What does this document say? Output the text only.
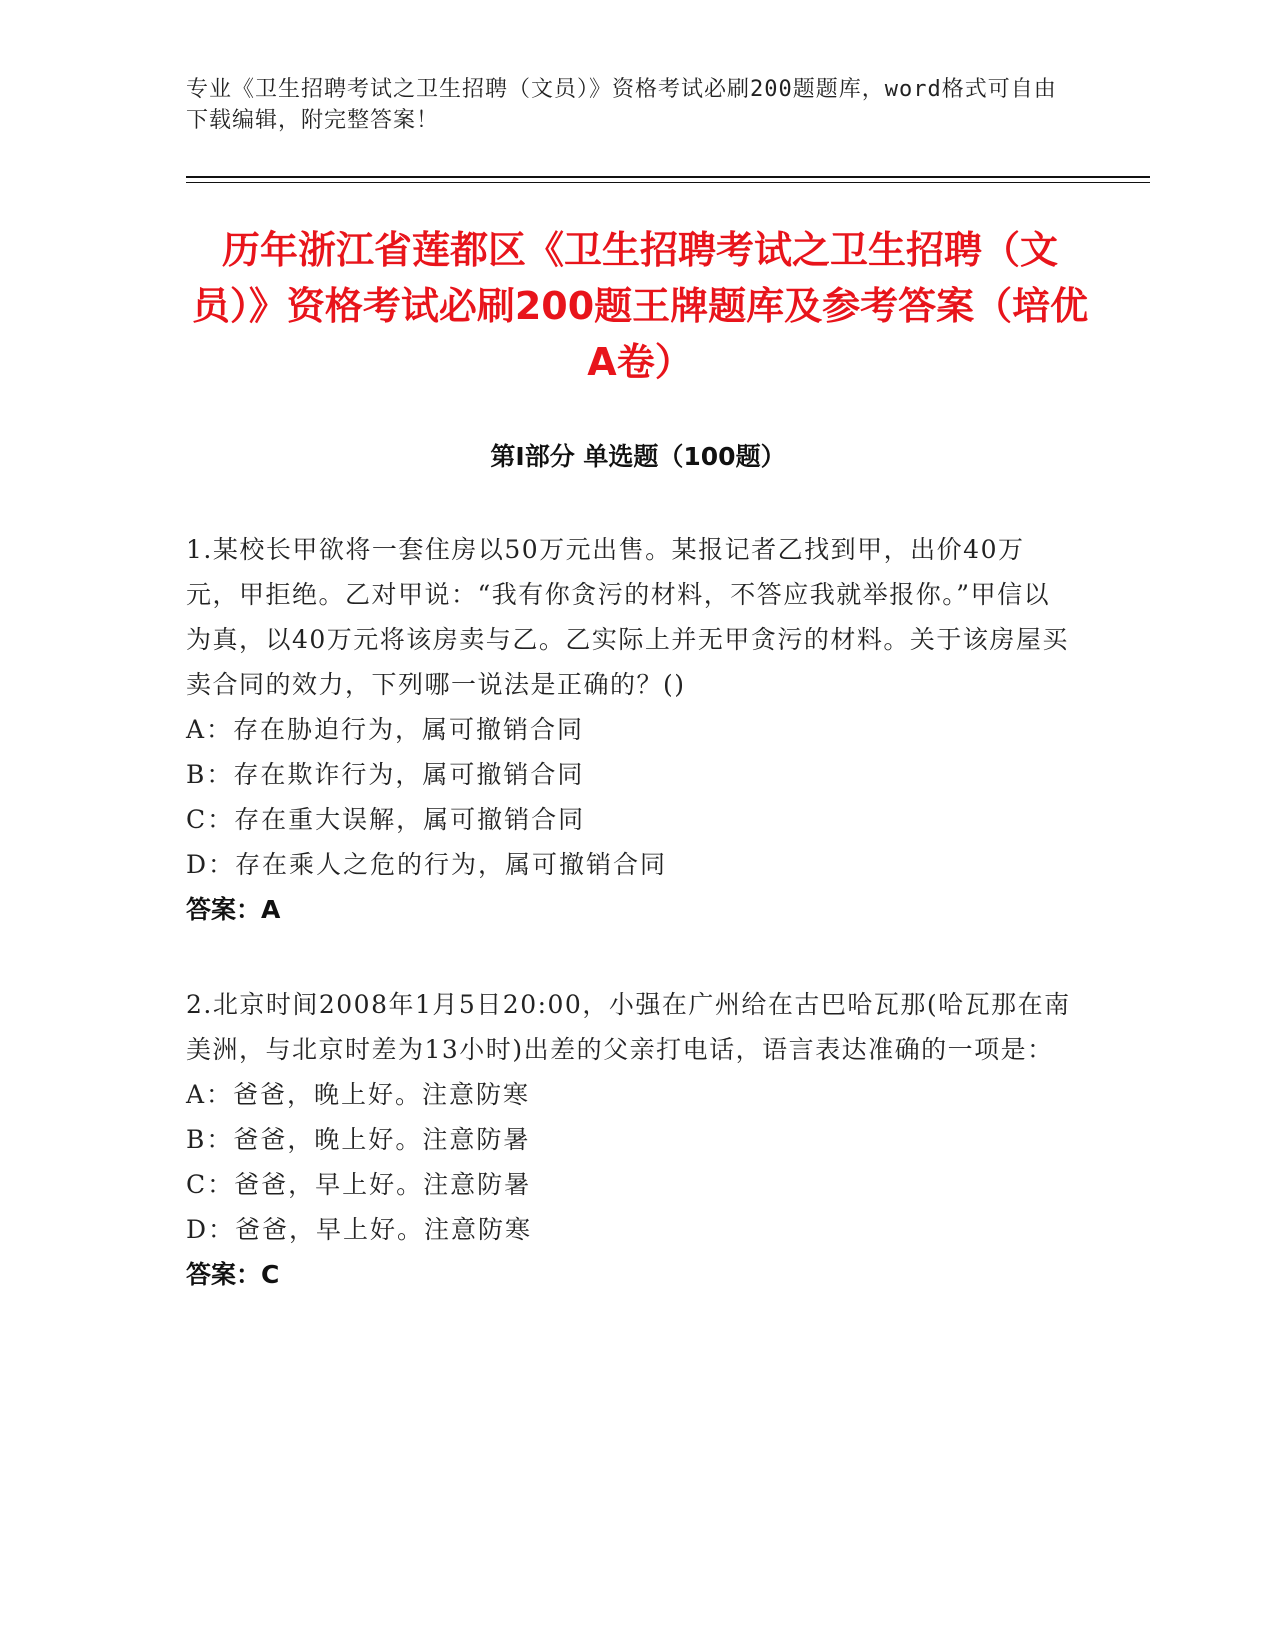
专业《卫生招聘考试之卫生招聘（文员）》资格考试必刷200题题库，word格式可自由下载编辑，附完整答案！
历年浙江省莲都区《卫生招聘考试之卫生招聘（文员）》资格考试必刷200题王牌题库及参考答案（培优A卷）
第Ⅰ部分 单选题（100题）

1.某校长甲欲将一套住房以50万元出售。某报记者乙找到甲，出价40万元，甲拒绝。乙对甲说：“我有你贪污的材料，不答应我就举报你。”甲信以为真，以40万元将该房卖与乙。乙实际上并无甲贪污的材料。关于该房屋买卖合同的效力，下列哪一说法是正确的？()

A：存在胁迫行为，属可撤销合同

B：存在欺诈行为，属可撤销合同

C：存在重大误解，属可撤销合同

D：存在乘人之危的行为，属可撤销合同

答案：A

2.北京时间2008年1月5日20:00，小强在广州给在古巴哈瓦那(哈瓦那在南美洲，与北京时差为13小时)出差的父亲打电话，语言表达准确的一项是：

A：爸爸，晚上好。注意防寒

B：爸爸，晚上好。注意防暑

C：爸爸，早上好。注意防暑

D：爸爸，早上好。注意防寒

答案：C
